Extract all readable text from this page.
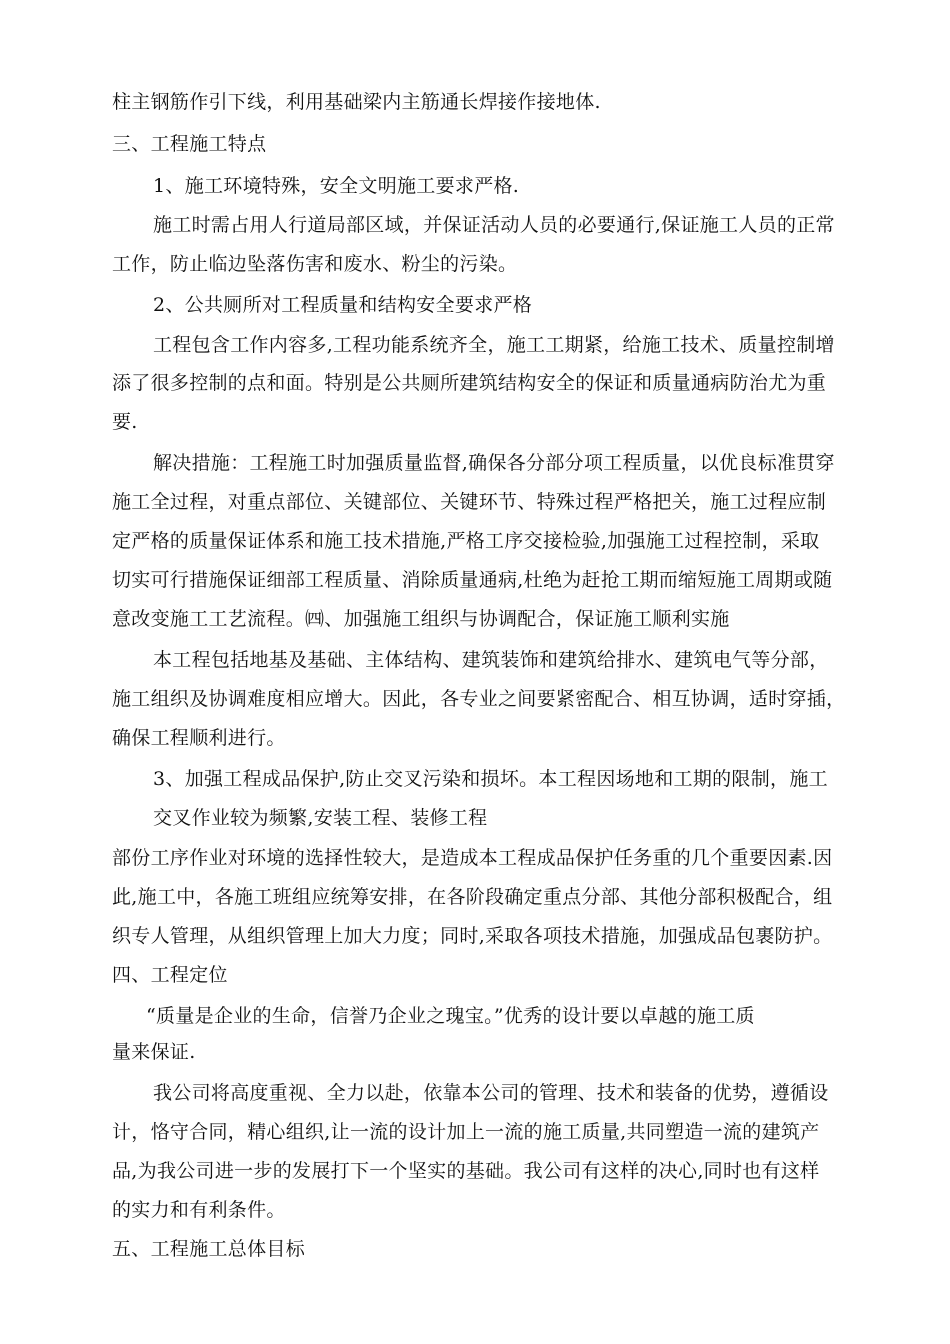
柱主钢筋作引下线，利用基础梁内主筋通长焊接作接地体.
三、工程施工特点
1、施工环境特殊，安全文明施工要求严格.
施工时需占用人行道局部区域，并保证活动人员的必要通行,保证施工人员的正常
工作，防止临边坠落伤害和废水、粉尘的污染。
2、公共厕所对工程质量和结构安全要求严格
工程包含工作内容多,工程功能系统齐全，施工工期紧，给施工技术、质量控制增
添了很多控制的点和面。特别是公共厕所建筑结构安全的保证和质量通病防治尤为重
要.
解决措施：工程施工时加强质量监督,确保各分部分项工程质量，以优良标准贯穿
施工全过程，对重点部位、关键部位、关键环节、特殊过程严格把关，施工过程应制
定严格的质量保证体系和施工技术措施,严格工序交接检验,加强施工过程控制，采取
切实可行措施保证细部工程质量、消除质量通病,杜绝为赶抢工期而缩短施工周期或随
意改变施工工艺流程。㈣、加强施工组织与协调配合，保证施工顺利实施
本工程包括地基及基础、主体结构、建筑装饰和建筑给排水、建筑电气等分部，
施工组织及协调难度相应增大。因此，各专业之间要紧密配合、相互协调，适时穿插，
确保工程顺利进行。
3、加强工程成品保护,防止交叉污染和损坏。本工程因场地和工期的限制，施工
交叉作业较为频繁,安装工程、装修工程
部份工序作业对环境的选择性较大，是造成本工程成品保护任务重的几个重要因素.因
此,施工中，各施工班组应统筹安排，在各阶段确定重点分部、其他分部积极配合，组
织专人管理，从组织管理上加大力度；同时,采取各项技术措施，加强成品包裹防护。
四、工程定位
“质量是企业的生命，信誉乃企业之瑰宝。”优秀的设计要以卓越的施工质
量来保证.
我公司将高度重视、全力以赴，依靠本公司的管理、技术和装备的优势，遵循设
计，恪守合同，精心组织,让一流的设计加上一流的施工质量,共同塑造一流的建筑产
品,为我公司进一步的发展打下一个坚实的基础。我公司有这样的决心,同时也有这样
的实力和有利条件。
五、工程施工总体目标
